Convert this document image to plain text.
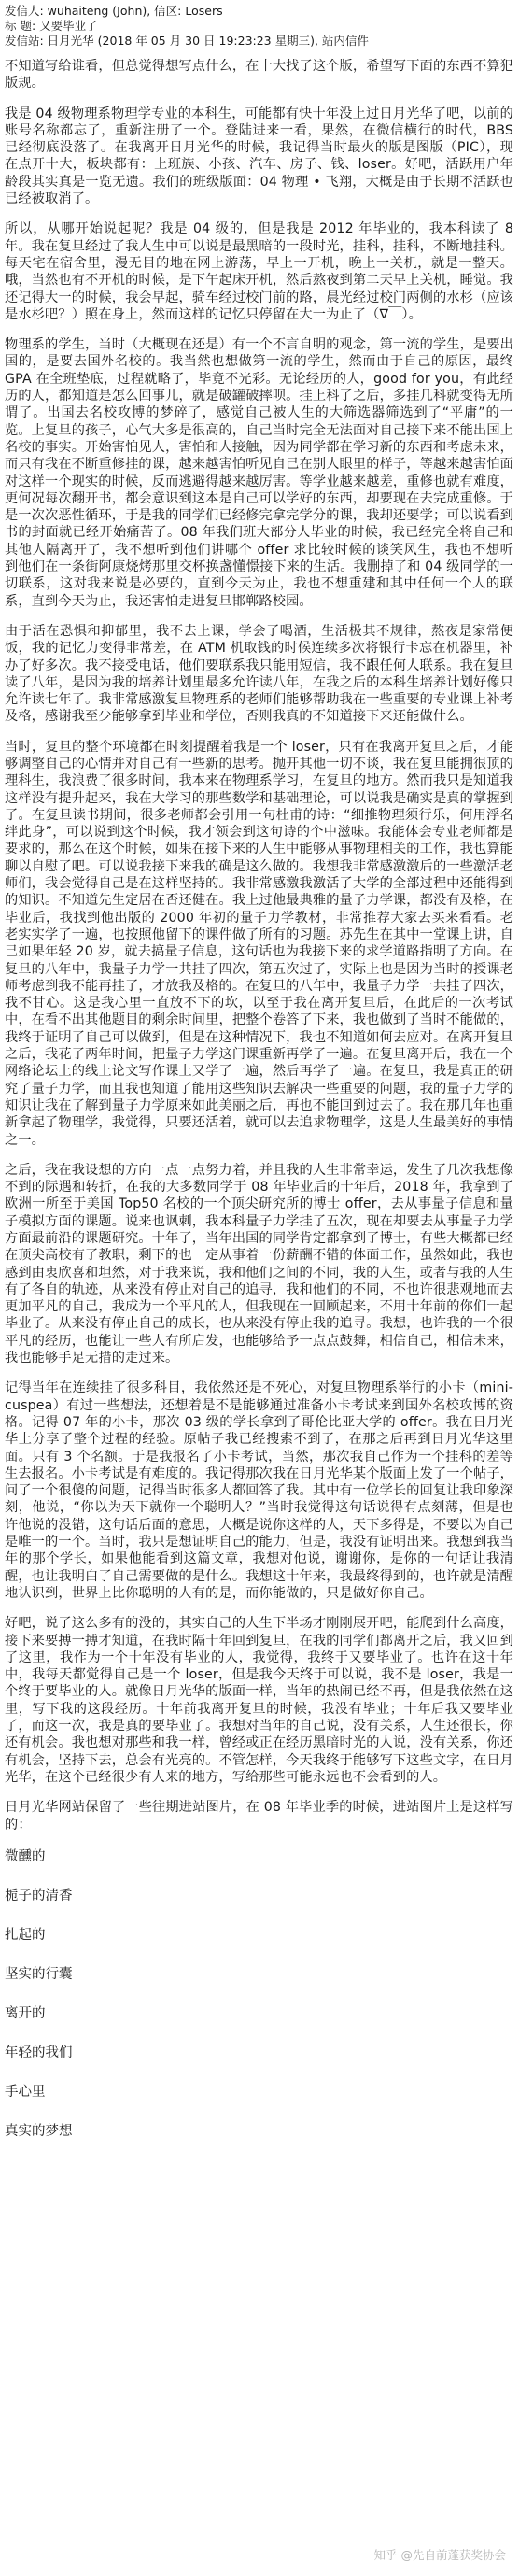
发信人: wuhaiteng (John), 信区: Losers

标 题: 又要毕业了

发信站: 日月光华 (2018 年 05 月 30 日 19:23:23 星期三), 站内信件

不知道写给谁看，但总觉得想写点什么，在十大找了这个版，希望写下面的东西不算犯版规。

我是 04 级物理系物理学专业的本科生，可能都有快十年没上过日月光华了吧，以前的账号名称都忘了，重新注册了一个。登陆进来一看，果然，在微信横行的时代，BBS 已经彻底没落了。在我离开日月光华的时候，我记得当时最火的版是图版（PIC），现在点开十大，板块都有：上班族、小孩、汽车、房子、钱、loser。好吧，活跃用户年龄段其实真是一览无遗。我们的班级版面：04 物理 • 飞翔，大概是由于长期不活跃也已经被取消了。

所以，从哪开始说起呢？我是 04 级的，但是我是 2012 年毕业的，我本科读了 8 年。我在复旦经过了我人生中可以说是最黑暗的一段时光，挂科，挂科，不断地挂科。每天宅在宿舍里，漫无目的地在网上游荡，早上一开机，晚上一关机，就是一整天。哦，当然也有不开机的时候，是下午起床开机，然后熬夜到第二天早上关机，睡觉。我还记得大一的时候，我会早起，骑车经过校门前的路，晨光经过校门两侧的水杉（应该是水杉吧？）照在身上，然而这样的记忆只停留在大一为止了（∇￣）。

物理系的学生，当时（大概现在还是）有一个不言自明的观念，第一流的学生，是要出国的，是要去国外名校的。我当然也想做第一流的学生，然而由于自己的原因，最终 GPA 在全班垫底，过程就略了，毕竟不光彩。无论经历的人，good for you，有此经历的人，都知道是怎么回事儿，就是破罐破摔呗。挂上科了之后，多挂几科就变得无所谓了。出国去名校攻博的梦碎了，感觉自己被人生的大筛选器筛选到了“平庸”的一览。上复旦的孩子，心气大多是很高的，自己当时完全无法面对自己接下来不能出国上名校的事实。开始害怕见人，害怕和人接触，因为同学都在学习新的东西和考虑未来，而只有我在不断重修挂的课，越来越害怕听见自己在别人眼里的样子，等越来越害怕面对这样一个现实的时候，反而逃避得越来越厉害。等学业越来越差，重修也就有难度，更何况每次翻开书，都会意识到这本是自己可以学好的东西，却要现在去完成重修。于是一次次恶性循环，于是我的同学们已经修完拿完学分的课，我却还要学；可以说看到书的封面就已经开始痛苦了。08 年我们班大部分人毕业的时候，我已经完全将自己和其他人隔离开了，我不想听到他们讲哪个 offer 求比较时候的谈笑风生，我也不想听到他们在一条街阿康烧烤那里交杯换盏懂憬接下来的生活。我删掉了和 04 级同学的一切联系，这对我来说是必要的，直到今天为止，我也不想重建和其中任何一个人的联系，直到今天为止，我还害怕走进复旦邯郸路校园。

由于活在恐惧和抑郁里，我不去上课，学会了喝酒，生活极其不规律，熬夜是家常便饭，我的记忆力变得非常差，在 ATM 机取钱的时候连续多次将银行卡忘在机器里，补办了好多次。我不接受电话，他们要联系我只能用短信，我不跟任何人联系。我在复旦读了八年，是因为我的培养计划里最多允许读八年，在我之后的本科生培养计划好像只允许读七年了。我非常感激复旦物理系的老师们能够帮助我在一些重要的专业课上补考及格，感谢我至少能够拿到毕业和学位，否则我真的不知道接下来还能做什么。

当时，复旦的整个环境都在时刻提醒着我是一个 loser，只有在我离开复旦之后，才能够调整自己的心情并对自己有一些新的思考。抛开其他一切不谈，我在复旦能拥很顶的理科生，我浪费了很多时间，我本来在物理系学习，在复旦的地方。然而我只是知道我这样没有提升起来，我在大学习的那些数学和基础理论，可以说我是确实是真的掌握到了。在复旦读书期间，很多老师都会引用一句杜甫的诗：“细推物理须行乐，何用浮名绊此身”，可以说到这个时候，我才领会到这句诗的个中滋味。我能体会专业老师都是要求的，那么在这个时候，如果在接下来的人生中能够从事物理相关的工作，我也算能聊以自慰了吧。可以说我接下来我的确是这么做的。我想我非常感激激后的一些激活老师们，我会觉得自己是在这样坚持的。我非常感激我激活了大学的全部过程中还能得到的知识。不知道先生定居在否还健在。我上过他最典雅的量子力学课，都没有及格，在毕业后，我找到他出版的 2000 年初的量子力学教材，非常推荐大家去买来看看。老老实实学了一遍，也按照他留下的课件做了所有的习题。苏先生在其中一堂课上讲，自己如果年轻 20 岁，就去搞量子信息，这句话也为我接下来的求学道路指明了方向。在复旦的八年中，我量子力学一共挂了四次，第五次过了，实际上也是因为当时的授课老师考虑到我不能再挂了，才放我及格的。在复旦的八年中，我量子力学一共挂了四次，我不甘心。这是我心里一直放不下的坎，以至于我在离开复旦后，在此后的一次考试中，在看不出其他题目的剩余时间里，把整个卷答了下来，我也做到了当时不能做的，我终于证明了自己可以做到，但是在这种情况下，我也不知道如何去应对。在离开复旦之后，我花了两年时间，把量子力学这门课重新再学了一遍。在复旦离开后，我在一个网络论坛上的线上论文写作课上又学了一遍，然后再学了一遍。在复旦，我是真正的研究了量子力学，而且我也知道了能用这些知识去解决一些重要的问题，我的量子力学的知识让我在了解到量子力学原来如此美丽之后，再也不能回到过去了。我在那几年也重新拿起了物理学，我觉得，只要还活着，就可以去追求物理学，这是人生最美好的事情之一。

之后，我在我设想的方向一点一点努力着，并且我的人生非常幸运，发生了几次我想像不到的际遇和转折，在我的大多数同学于 08 年毕业后的十年后，2018 年，我拿到了欧洲一所至于美国 Top50 名校的一个顶尖研究所的博士 offer，去从事量子信息和量子模拟方面的课题。说来也讽刺，我本科量子力学挂了五次，现在却要去从事量子力学方面最前沿的课题研究。十年了，当年出国的同学肯定都拿到了博士，有些大概都已经在顶尖高校有了教职，剩下的也一定从事着一份薪酬不错的体面工作，虽然如此，我也感到由衷欣喜和坦然，对于我来说，我和他们之间的不同，我的人生，或者与我的人生有了各自的轨迹，从来没有停止对自己的追寻，我和他们的不同，不也许很悲观地而去更加平凡的自己，我成为一个平凡的人，但我现在一回顾起来，不用十年前的你们一起毕业了。从来没有停止自己的成长，也从来没有停止我的追寻。我想，也许我的一个很平凡的经历，也能让一些人有所启发，也能够给予一点点鼓舞，相信自己，相信未来，我也能够手足无措的走过来。

记得当年在连续挂了很多科目，我依然还是不死心，对复旦物理系举行的小卡（mini-cuspea）有过一些想法，还想着是不是能够通过准备小卡考试来到国外名校攻博的资格。记得 07 年的小卡，那次 03 级的学长拿到了哥伦比亚大学的 offer。我在日月光华上分享了整个过程的经验。原帖子我已经搜索不到了，在那之后再到日月光华这里面。只有 3 个名额。于是我报名了小卡考试，当然，那次我自己作为一个挂科的差等生去报名。小卡考试是有难度的。我记得那次我在日月光华某个版面上发了一个帖子，问了一个很傻的问题，记得当时很多人都回答了我。其中有一位学长的回复让我印象深刻，他说，“你以为天下就你一个聪明人？”当时我觉得这句话说得有点刻薄，但是也许他说的没错，这句话后面的意思，大概是说你这样的人，天下多得是，不要以为自己是唯一的一个。当时，我只是想证明自己的能力，但是，我没有证明出来。我想到我当年的那个学长，如果他能看到这篇文章，我想对他说，谢谢你，是你的一句话让我清醒，也让我明白了自己需要做的是什么。我想这十年来，我最终得到的，也许就是清醒地认识到，世界上比你聪明的人有的是，而你能做的，只是做好你自己。

好吧，说了这么多有的没的，其实自己的人生下半场才刚刚展开吧，能爬到什么高度，接下来要搏一搏才知道，在我时隔十年回到复旦，在我的同学们都离开之后，我又回到了这里，我作为一个十年没有毕业的人，我觉得，我终于又要毕业了。也许在这十年中，我每天都觉得自己是一个 loser，但是我今天终于可以说，我不是 loser，我是一个终于要毕业的人。就像日月光华的版面一样，当年的热闹已经不再，但是我依然在这里，写下我的这段经历。十年前我离开复旦的时候，我没有毕业；十年后我又要毕业了，而这一次，我是真的要毕业了。我想对当年的自己说，没有关系，人生还很长，你还有机会。我也想对那些和我一样，曾经或正在经历黑暗时光的人说，没有关系，你还有机会，坚持下去，总会有光亮的。不管怎样，今天我终于能够写下这些文字，在日月光华，在这个已经很少有人来的地方，写给那些可能永远也不会看到的人。

日月光华网站保留了一些往期进站图片，在 08 年毕业季的时候，进站图片上是这样写的：

微醺的

栀子的清香

扎起的

坚实的行囊

离开的

年轻的我们

手心里

真实的梦想

知乎 @先自前蓬获奖协会
